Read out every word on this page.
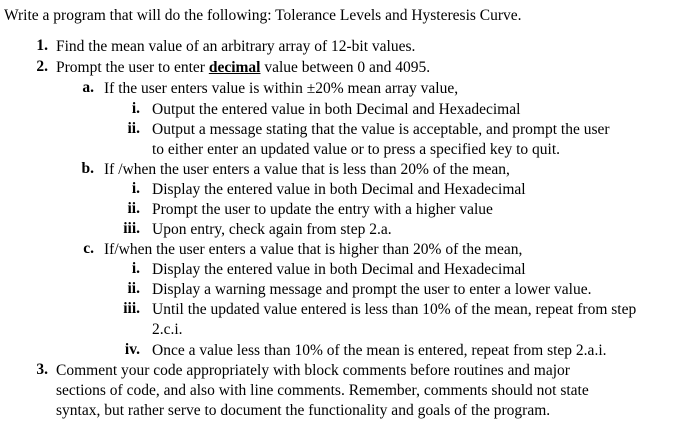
Write a program that will do the following: Tolerance Levels and Hysteresis Curve.
1. Find the mean value of an arbitrary array of 12-bit values.
2. Prompt the user to enter decimal value between 0 and 4095.
a. If the user enters value is within ±20% mean array value,
i. Output the entered value in both Decimal and Hexadecimal
ii. Output a message stating that the value is acceptable, and prompt the user
to either enter an updated value or to press a specified key to quit.
b. If /when the user enters a value that is less than 20% of the mean,
i. Display the entered value in both Decimal and Hexadecimal
ii. Prompt the user to update the entry with a higher value
iii. Upon entry, check again from step 2.a.
c. If/when the user enters a value that is higher than 20% of the mean,
i. Display the entered value in both Decimal and Hexadecimal
ii. Display a warning message and prompt the user to enter a lower value.
iii. Until the updated value entered is less than 10% of the mean, repeat from step
2.c.i.
iv. Once a value less than 10% of the mean is entered, repeat from step 2.a.i.
3. Comment your code appropriately with block comments before routines and major
sections of code, and also with line comments. Remember, comments should not state
syntax, but rather serve to document the functionality and goals of the program.
